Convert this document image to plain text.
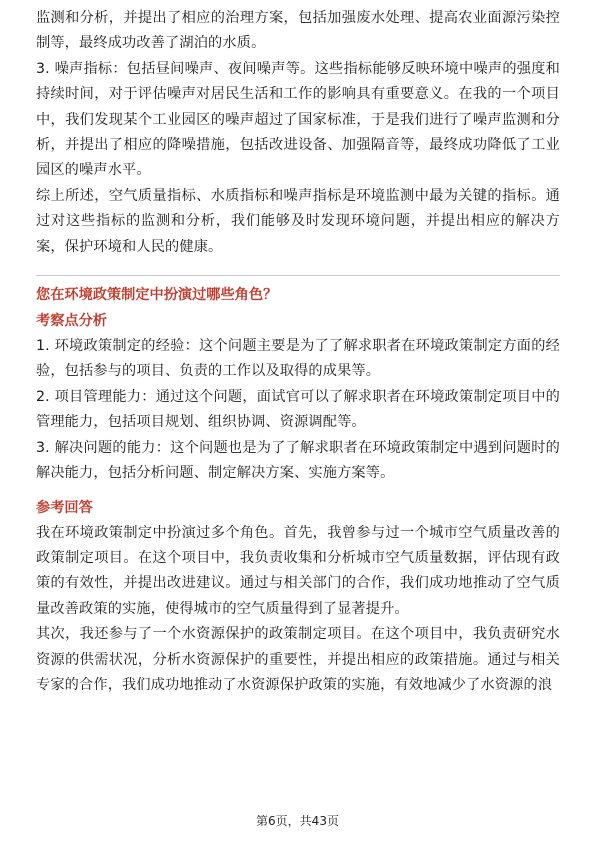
监测和分析，并提出了相应的治理方案，包括加强废水处理、提高农业面源污染控制等，最终成功改善了湖泊的水质。

3. 噪声指标：包括昼间噪声、夜间噪声等。这些指标能够反映环境中噪声的强度和持续时间，对于评估噪声对居民生活和工作的影响具有重要意义。在我的一个项目中，我们发现某个工业园区的噪声超过了国家标准，于是我们进行了噪声监测和分析，并提出了相应的降噪措施，包括改进设备、加强隔音等，最终成功降低了工业园区的噪声水平。

综上所述，空气质量指标、水质指标和噪声指标是环境监测中最为关键的指标。通过对这些指标的监测和分析，我们能够及时发现环境问题，并提出相应的解决方案，保护环境和人民的健康。

您在环境政策制定中扮演过哪些角色？
考察点分析

1. 环境政策制定的经验：这个问题主要是为了了解求职者在环境政策制定方面的经验，包括参与的项目、负责的工作以及取得的成果等。

2. 项目管理能力：通过这个问题，面试官可以了解求职者在环境政策制定项目中的管理能力，包括项目规划、组织协调、资源调配等。

3. 解决问题的能力：这个问题也是为了了解求职者在环境政策制定中遇到问题时的解决能力，包括分析问题、制定解决方案、实施方案等。

参考回答

我在环境政策制定中扮演过多个角色。首先，我曾参与过一个城市空气质量改善的政策制定项目。在这个项目中，我负责收集和分析城市空气质量数据，评估现有政策的有效性，并提出改进建议。通过与相关部门的合作，我们成功地推动了空气质量改善政策的实施，使得城市的空气质量得到了显著提升。

其次，我还参与了一个水资源保护的政策制定项目。在这个项目中，我负责研究水资源的供需状况，分析水资源保护的重要性，并提出相应的政策措施。通过与相关专家的合作，我们成功地推动了水资源保护政策的实施，有效地减少了水资源的浪

第6页，共43页
